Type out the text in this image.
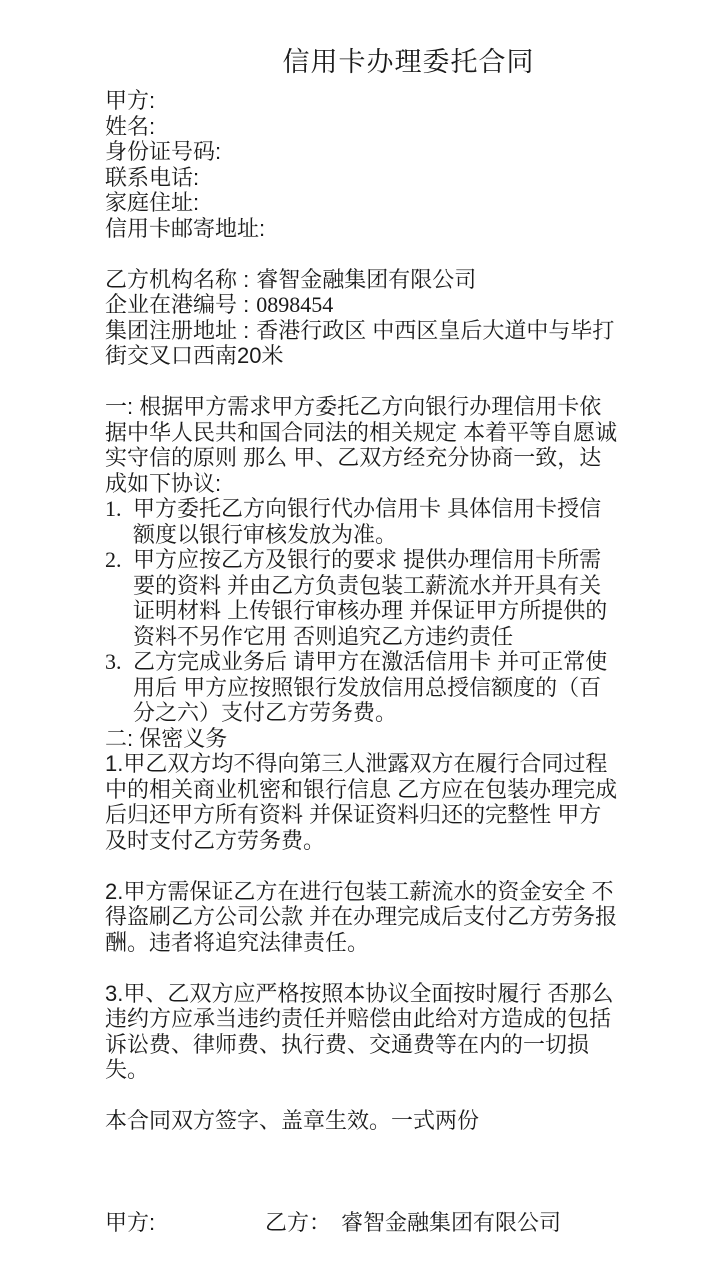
信用卡办理委托合同
甲方:
姓名:
身份证号码:
联系电话:
家庭住址:
信用卡邮寄地址:
乙方机构名称 : 睿智金融集团有限公司
企业在港编号 : 0898454
集团注册地址 : 香港行政区 中西区皇后大道中与毕打街交叉口西南20米
一: 根据甲方需求甲方委托乙方向银行办理信用卡依据中华人民共和国合同法的相关规定 本着平等自愿诚实守信的原则 那么 甲、乙双方经充分协商一致，达成如下协议:
1. 甲方委托乙方向银行代办信用卡 具体信用卡授信额度以银行审核发放为准。
2. 甲方应按乙方及银行的要求 提供办理信用卡所需要的资料 并由乙方负责包装工薪流水并开具有关证明材料 上传银行审核办理 并保证甲方所提供的资料不另作它用 否则追究乙方违约责任
3. 乙方完成业务后 请甲方在激活信用卡 并可正常使用后 甲方应按照银行发放信用总授信额度的（百分之六）支付乙方劳务费。
二: 保密义务
1.甲乙双方均不得向第三人泄露双方在履行合同过程中的相关商业机密和银行信息 乙方应在包装办理完成后归还甲方所有资料 并保证资料归还的完整性 甲方及时支付乙方劳务费。
2.甲方需保证乙方在进行包装工薪流水的资金安全 不得盗刷乙方公司公款 并在办理完成后支付乙方劳务报酬。违者将追究法律责任。
3.甲、乙双方应严格按照本协议全面按时履行 否那么违约方应承当违约责任并赔偿由此给对方造成的包括诉讼费、律师费、执行费、交通费等在内的一切损失。
本合同双方签字、盖章生效。一式两份
甲方:	乙方： 睿智金融集团有限公司
